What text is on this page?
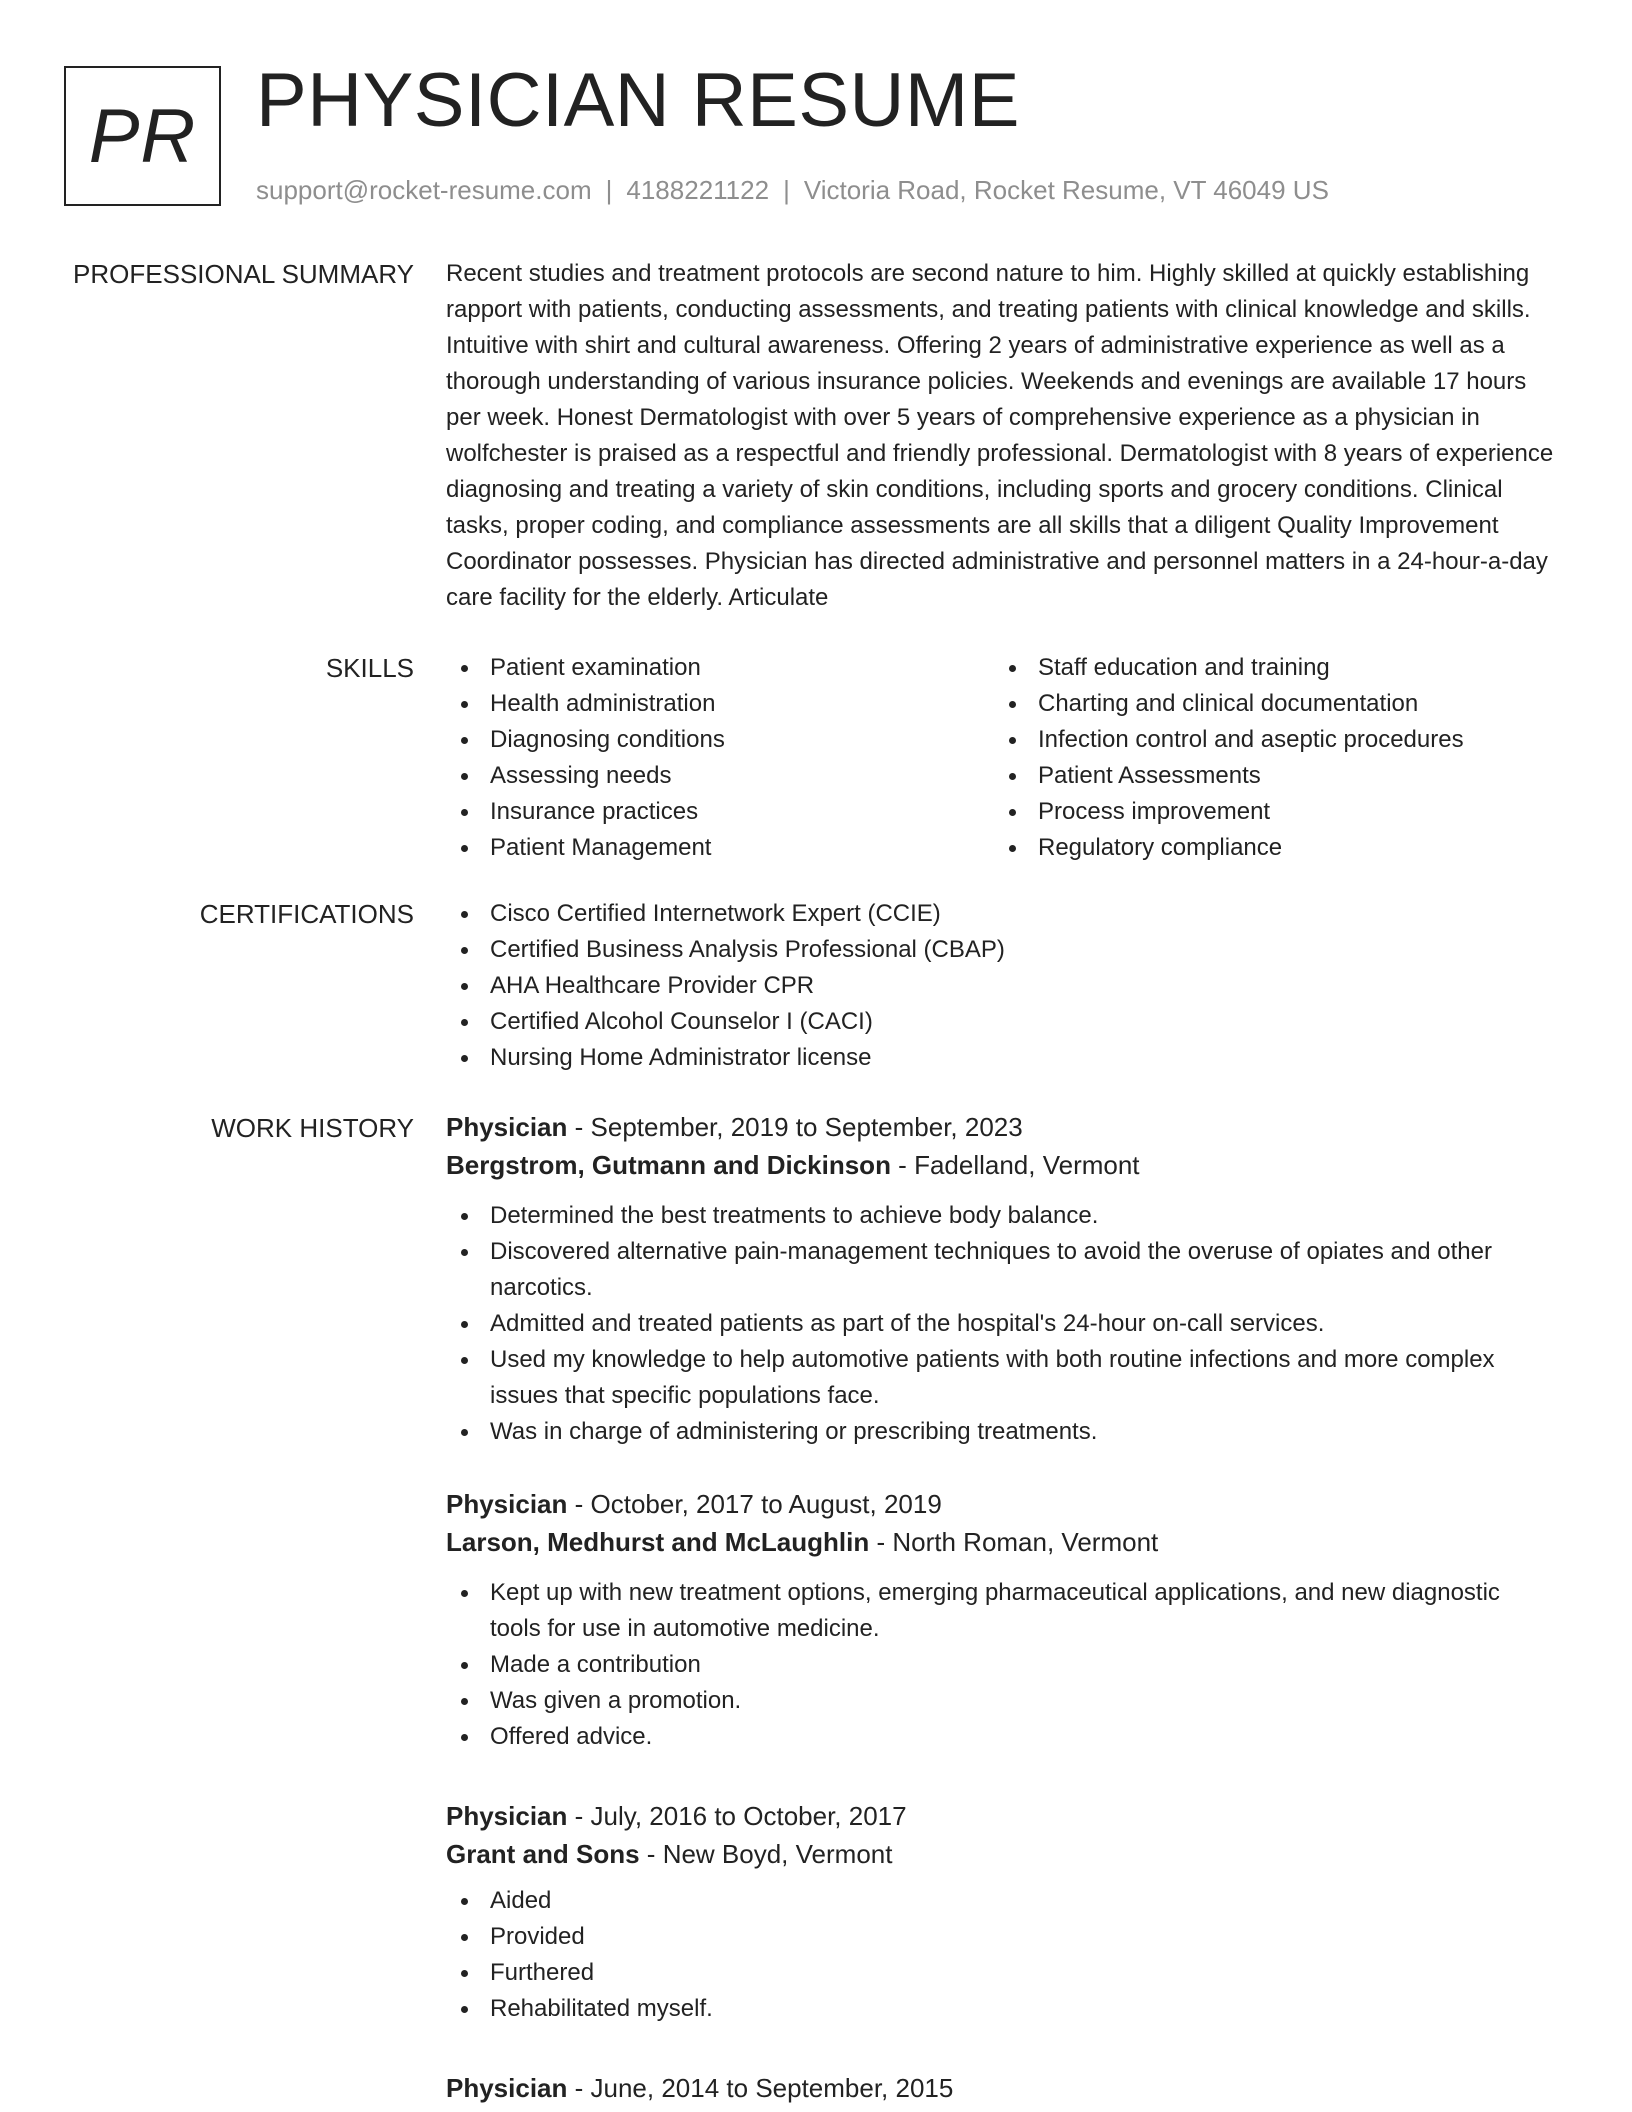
PR PHYSICIAN RESUME
support@rocket-resume.com | 4188221122 | Victoria Road, Rocket Resume, VT 46049 US
PROFESSIONAL SUMMARY Recent studies and treatment protocols are second nature to him. Highly skilled at quickly establishing rapport with patients, conducting assessments, and treating patients with clinical knowledge and skills. Intuitive with shirt and cultural awareness. Offering 2 years of administrative experience as well as a thorough understanding of various insurance policies. Weekends and evenings are available 17 hours per week. Honest Dermatologist with over 5 years of comprehensive experience as a physician in wolfchester is praised as a respectful and friendly professional. Dermatologist with 8 years of experience diagnosing and treating a variety of skin conditions, including sports and grocery conditions. Clinical tasks, proper coding, and compliance assessments are all skills that a diligent Quality Improvement Coordinator possesses. Physician has directed administrative and personnel matters in a 24-hour-a-day care facility for the elderly. Articulate

SKILLS	Patient examination
Health administration
Diagnosing conditions
Assessing needs
Insurance practices
Patient Management
Staff education and training
Charting and clinical documentation
Infection control and aseptic procedures
Patient Assessments
Process improvement
Regulatory compliance
CERTIFICATIONS	Cisco Certified Internetwork Expert (CCIE)
Certified Business Analysis Professional (CBAP)
AHA Healthcare Provider CPR
Certified Alcohol Counselor I (CACI)
Nursing Home Administrator license
WORK HISTORY Physician - September, 2019 to September, 2023
Bergstrom, Gutmann and Dickinson - Fadelland, Vermont
Determined the best treatments to achieve body balance.
Discovered alternative pain-management techniques to avoid the overuse of opiates and other narcotics.
Admitted and treated patients as part of the hospital's 24-hour on-call services.
Used my knowledge to help automotive patients with both routine infections and more complex issues that specific populations face.
Was in charge of administering or prescribing treatments.
Physician - October, 2017 to August, 2019
Larson, Medhurst and McLaughlin - North Roman, Vermont
Kept up with new treatment options, emerging pharmaceutical applications, and new diagnostic tools for use in automotive medicine.
Made a contribution
Was given a promotion.
Offered advice.
Physician - July, 2016 to October, 2017
Grant and Sons - New Boyd, Vermont
Aided
Provided
Furthered
Rehabilitated myself.
Physician - June, 2014 to September, 2015
